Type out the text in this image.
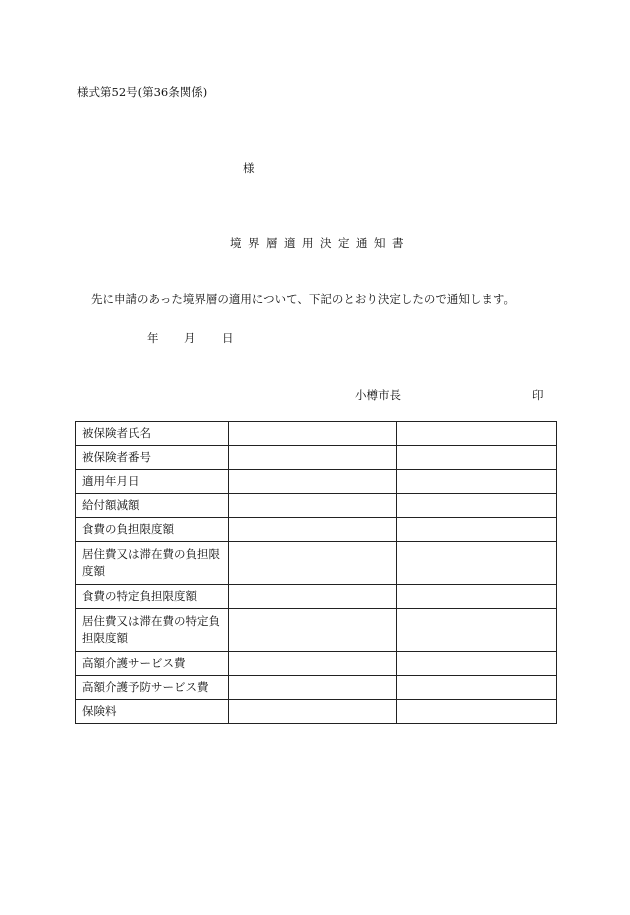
様式第52号(第36条関係)
様
境界層適用決定通知書
先に申請のあった境界層の適用について、下記のとおり決定したので通知します。
年 月 日
小樽市長	印
被保険者氏名		
被保険者番号		
適用年月日		
給付額減額		
食費の負担限度額		
居住費又は滞在費の負担限度額		
食費の特定負担限度額		
居住費又は滞在費の特定負担限度額		
高額介護サービス費		
高額介護予防サービス費		
保険料		
